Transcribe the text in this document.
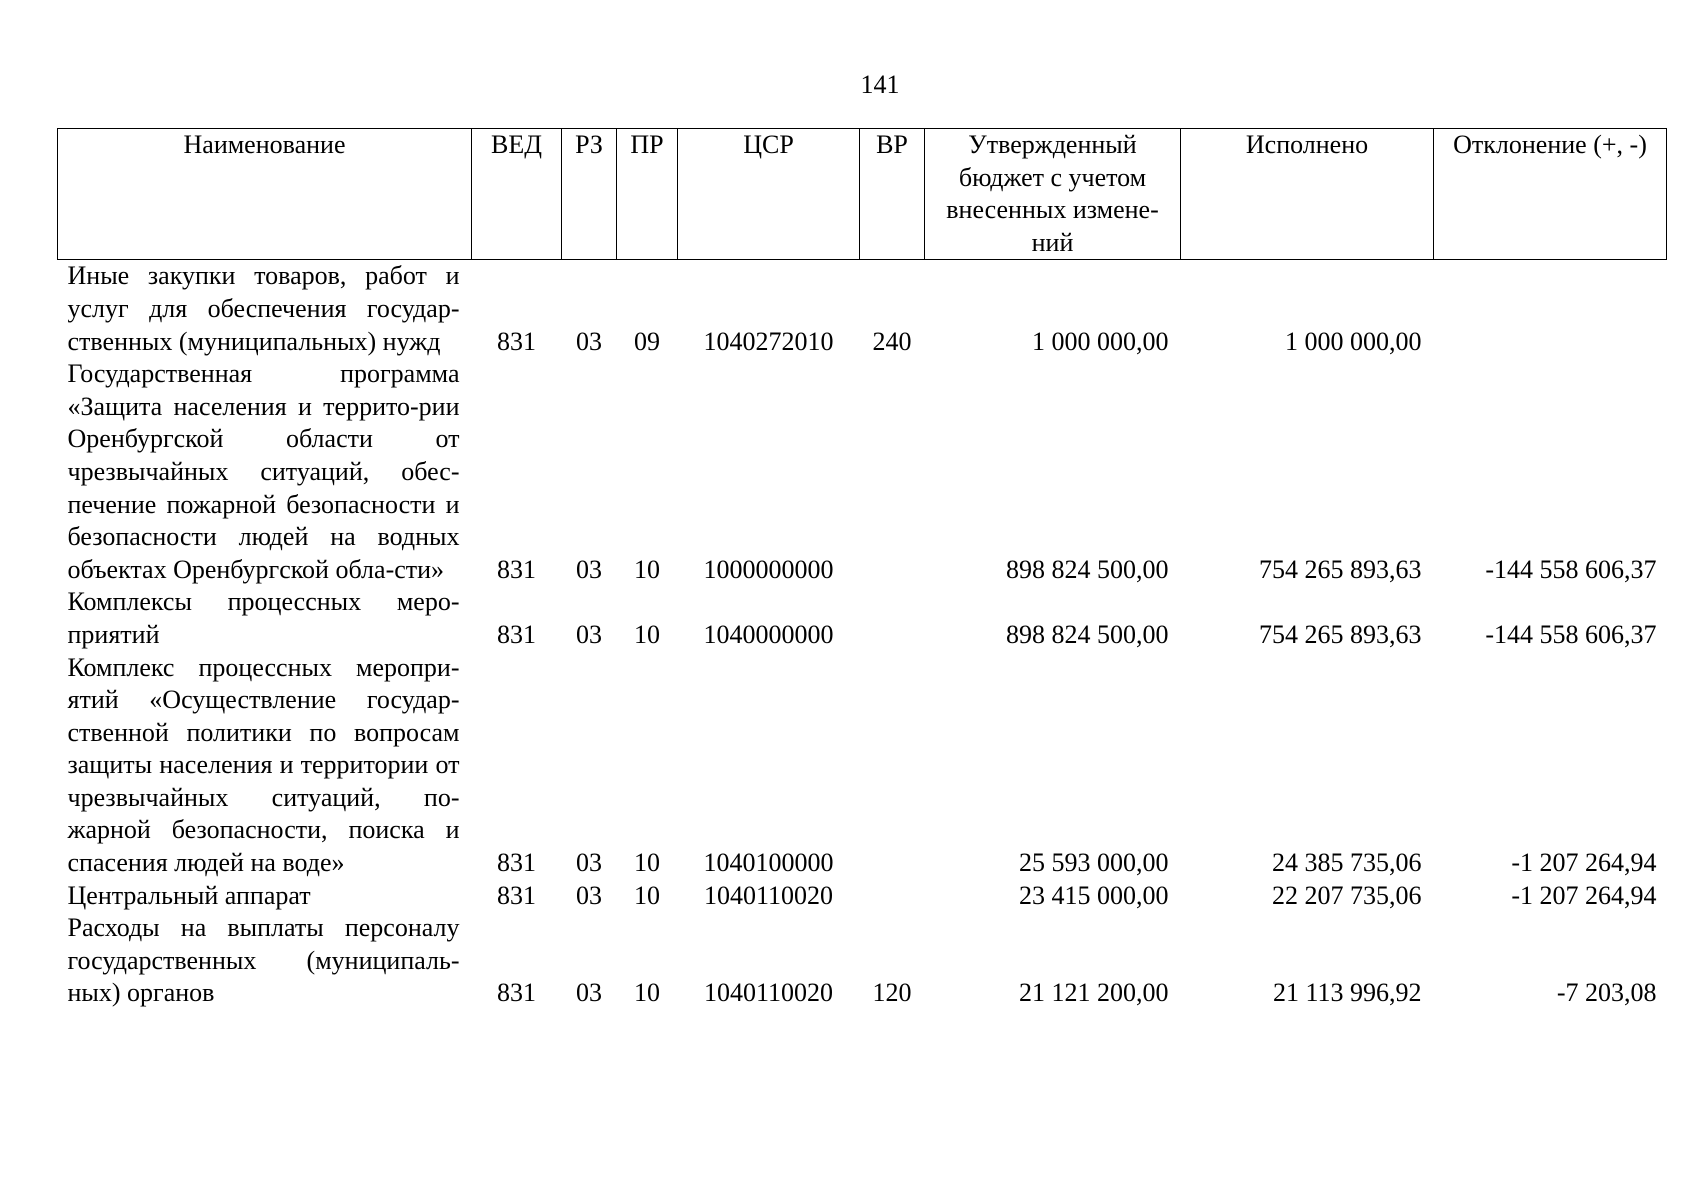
141
Наименование	ВЕД	РЗ	ПР	ЦСР	ВР	Утвержденный бюджет с учетом внесенных измене-ний	Исполнено	Отклонение (+, -)
Иные закупки товаров, работ и услуг для обеспечения государ-ственных (муниципальных) нужд	831	03	09	1040272010	240	1 000 000,00	1 000 000,00	
Государственная программа «Защита населения и террито-рии Оренбургской области от чрезвычайных ситуаций, обес-печение пожарной безопасности и безопасности людей на водных объектах Оренбургской обла-сти»	831	03	10	1000000000		898 824 500,00	754 265 893,63	-144 558 606,37
Комплексы процессных меро-приятий	831	03	10	1040000000		898 824 500,00	754 265 893,63	-144 558 606,37
Комплекс процессных меропри-ятий «Осуществление государ-ственной политики по вопросам защиты населения и территории от чрезвычайных ситуаций, по-жарной безопасности, поиска и спасения людей на воде»	831	03	10	1040100000		25 593 000,00	24 385 735,06	-1 207 264,94
Центральный аппарат	831	03	10	1040110020		23 415 000,00	22 207 735,06	-1 207 264,94
Расходы на выплаты персоналу государственных (муниципаль-ных) органов	831	03	10	1040110020	120	21 121 200,00	21 113 996,92	-7 203,08
